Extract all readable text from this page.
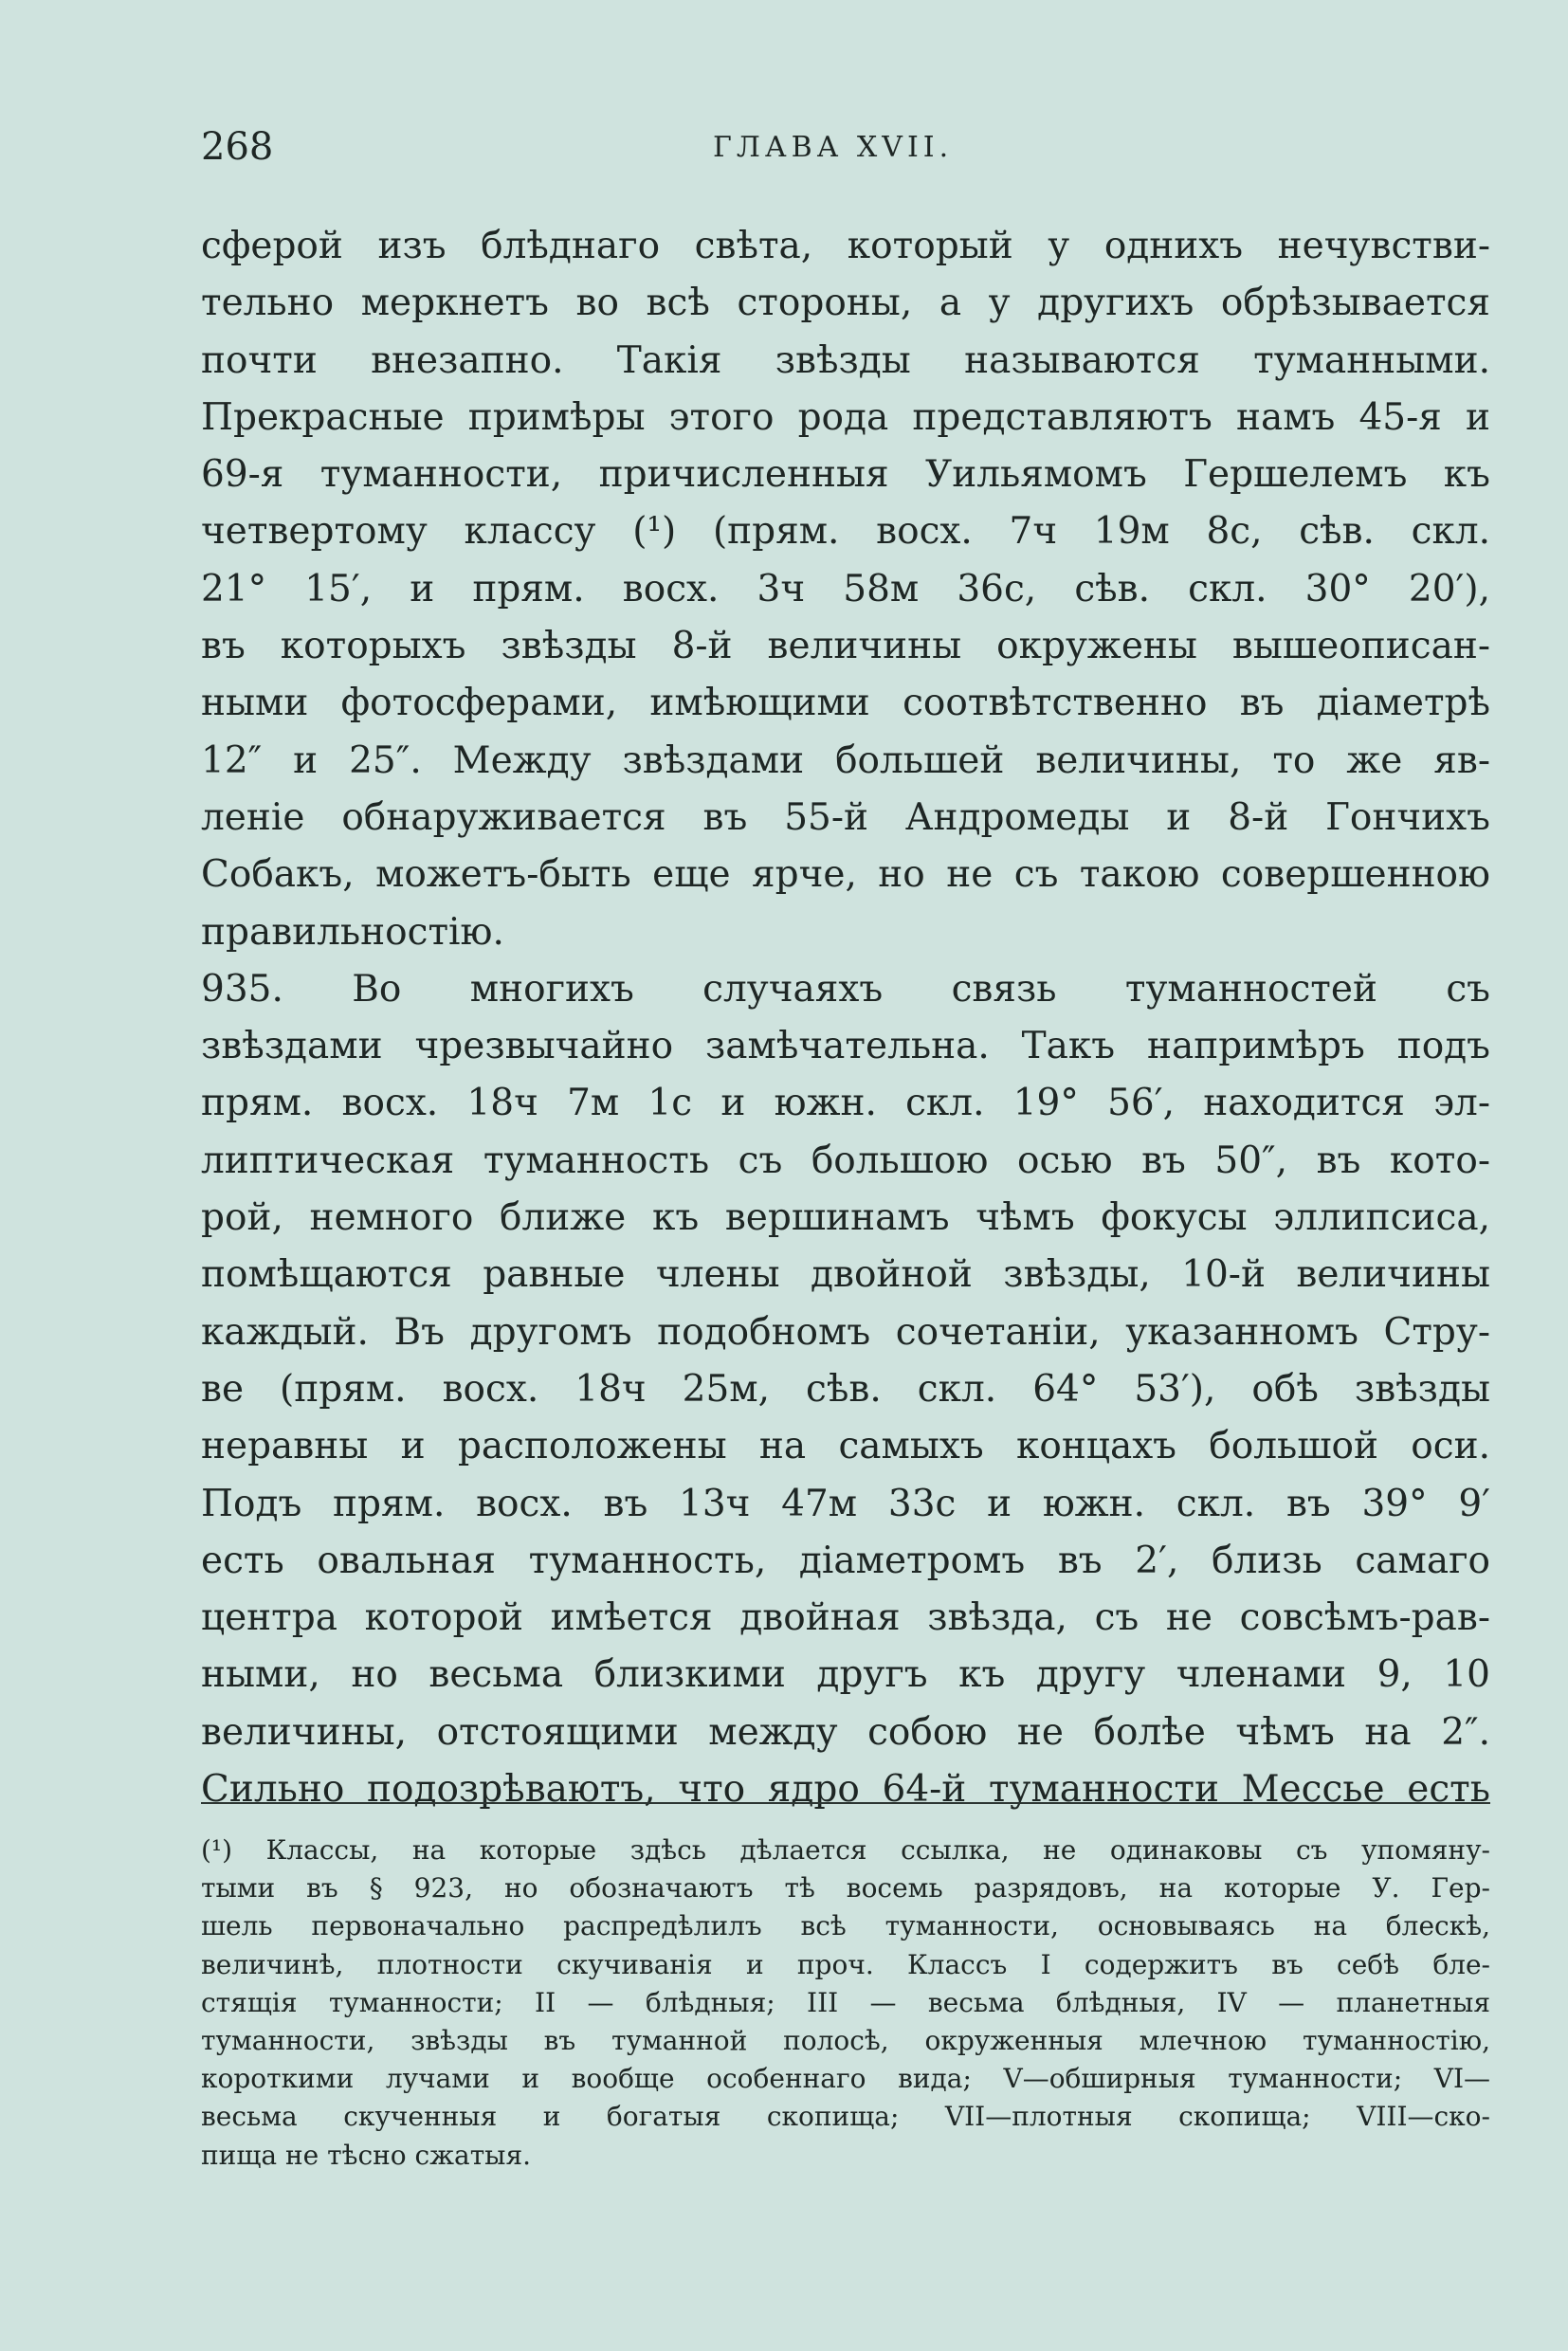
268	ГЛАВА XVII.
сферой изъ блѣднаго свѣта, который у однихъ нечувстви-
тельно меркнетъ во всѣ стороны, а у другихъ обрѣзывается
почти внезапно. Такія звѣзды называются туманными.
Прекрасные примѣры этого рода представляютъ намъ 45-я и
69-я туманности, причисленныя Уильямомъ Гершелемъ къ
четвертому классу (¹) (прям. восх. 7ч 19м 8с, сѣв. скл.
21° 15′, и прям. восх. 3ч 58м 36с, сѣв. скл. 30° 20′),
въ которыхъ звѣзды 8-й величины окружены вышеописан-
ными фотосферами, имѣющими соотвѣтственно въ діаметрѣ
12″ и 25″. Между звѣздами большей величины, то же яв-
леніе обнаруживается въ 55-й Андромеды и 8-й Гончихъ
Собакъ, можетъ-быть еще ярче, но не съ такою совершенною
правильностію.
935. Во многихъ случаяхъ связь туманностей съ
звѣздами чрезвычайно замѣчательна. Такъ напримѣръ подъ
прям. восх. 18ч 7м 1с и южн. скл. 19° 56′, находится эл-
липтическая туманность съ большою осью въ 50″, въ кото-
рой, немного ближе къ вершинамъ чѣмъ фокусы эллипсиса,
помѣщаются равные члены двойной звѣзды, 10-й величины
каждый. Въ другомъ подобномъ сочетаніи, указанномъ Стру-
ве (прям. восх. 18ч 25м, сѣв. скл. 64° 53′), обѣ звѣзды
неравны и расположены на самыхъ концахъ большой оси.
Подъ прям. восх. въ 13ч 47м 33с и южн. скл. въ 39° 9′
есть овальная туманность, діаметромъ въ 2′, близь самаго
центра которой имѣется двойная звѣзда, съ не совсѣмъ-рав-
ными, но весьма близкими другъ къ другу членами 9, 10
величины, отстоящими между собою не болѣе чѣмъ на 2″.
Сильно подозрѣваютъ, что ядро 64-й туманности Мессье есть
(¹) Классы, на которые здѣсь дѣлается ссылка, не одинаковы съ упомяну-
тыми въ § 923, но обозначаютъ тѣ восемь разрядовъ, на которые У. Гер-
шель первоначально распредѣлилъ всѣ туманности, основываясь на блескѣ,
величинѣ, плотности скучиванія и проч. Классъ I содержитъ въ себѣ бле-
стящія туманности; II — блѣдныя; III — весьма блѣдныя, IV — планетныя
туманности, звѣзды въ туманной полосѣ, окруженныя млечною туманностію,
короткими лучами и вообще особеннаго вида; V—обширныя туманности; VI—
весьма скученныя и богатыя скопища; VII—плотныя скопища; VIII—ско-
пища не тѣсно сжатыя.
